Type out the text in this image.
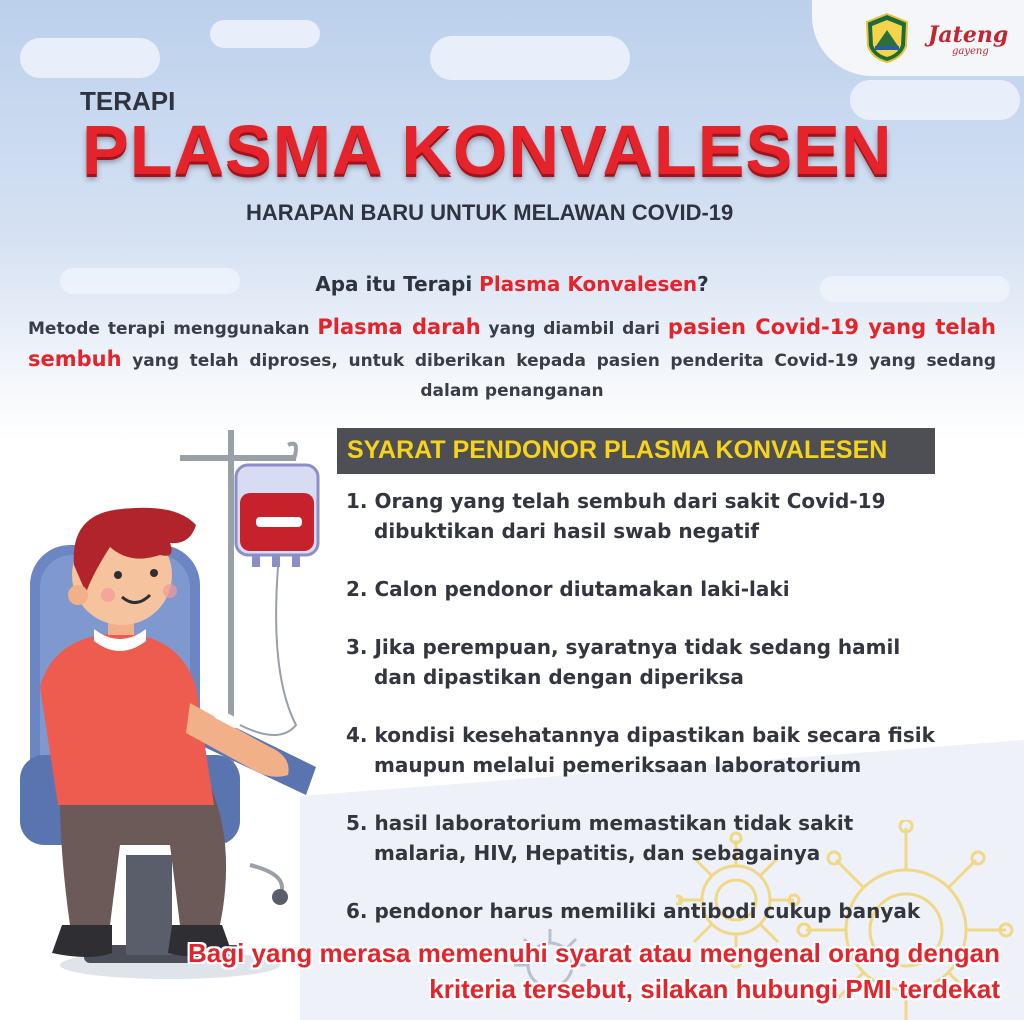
Jateng
gayeng
TERAPI
PLASMA KONVALESEN
HARAPAN BARU UNTUK MELAWAN COVID-19
Apa itu Terapi Plasma Konvalesen?
Metode terapi menggunakan Plasma darah yang diambil dari pasien Covid-19 yang telah sembuh yang telah diproses, untuk diberikan kepada pasien penderita Covid-19 yang sedang dalam penanganan
SYARAT PENDONOR PLASMA KONVALESEN
1. Orang yang telah sembuh dari sakit Covid-19
dibuktikan dari hasil swab negatif
2. Calon pendonor diutamakan laki-laki
3. Jika perempuan, syaratnya tidak sedang hamil
dan dipastikan dengan diperiksa
4. kondisi kesehatannya dipastikan baik secara fisik
maupun melalui pemeriksaan laboratorium
5. hasil laboratorium memastikan tidak sakit
malaria, HIV, Hepatitis, dan sebagainya
6. pendonor harus memiliki antibodi cukup banyak
Bagi yang merasa memenuhi syarat atau mengenal orang dengan
kriteria tersebut, silakan hubungi PMI terdekat
